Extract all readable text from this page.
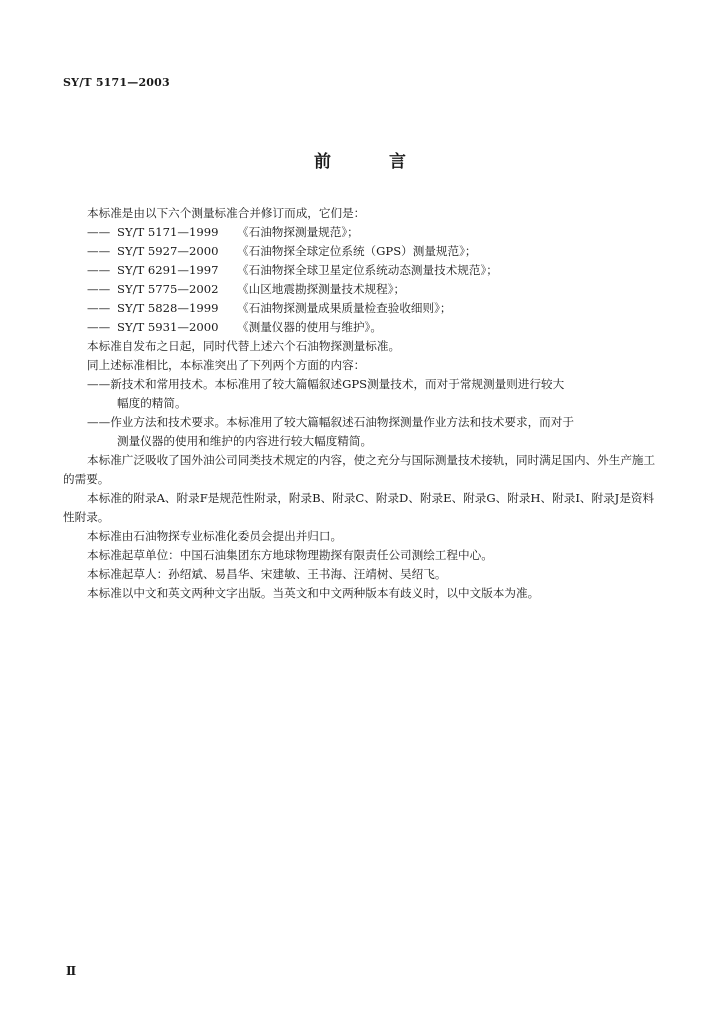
SY/T 5171—2003
前 言
本标准是由以下六个测量标准合并修订而成，它们是：
—— SY/T 5171—1999	《石油物探测量规范》；
—— SY/T 5927—2000	《石油物探全球定位系统（GPS）测量规范》；
—— SY/T 6291—1997	《石油物探全球卫星定位系统动态测量技术规范》；
—— SY/T 5775—2002	《山区地震勘探测量技术规程》；
—— SY/T 5828—1999	《石油物探测量成果质量检查验收细则》；
—— SY/T 5931—2000	《测量仪器的使用与维护》。
本标准自发布之日起，同时代替上述六个石油物探测量标准。
同上述标准相比，本标准突出了下列两个方面的内容：
——新技术和常用技术。本标准用了较大篇幅叙述GPS测量技术，而对于常规测量则进行较大
幅度的精简。
——作业方法和技术要求。本标准用了较大篇幅叙述石油物探测量作业方法和技术要求，而对于
测量仪器的使用和维护的内容进行较大幅度精简。
本标准广泛吸收了国外油公司同类技术规定的内容，使之充分与国际测量技术接轨，同时满足国内、外生产施工的需要。
本标准的附录A、附录F是规范性附录，附录B、附录C、附录D、附录E、附录G、附录H、附录I、附录J是资料性附录。
本标准由石油物探专业标准化委员会提出并归口。
本标准起草单位：中国石油集团东方地球物理勘探有限责任公司测绘工程中心。
本标准起草人：孙绍斌、易昌华、宋建敏、王书海、汪靖树、吴绍飞。
本标准以中文和英文两种文字出版。当英文和中文两种版本有歧义时，以中文版本为准。
Ⅱ
